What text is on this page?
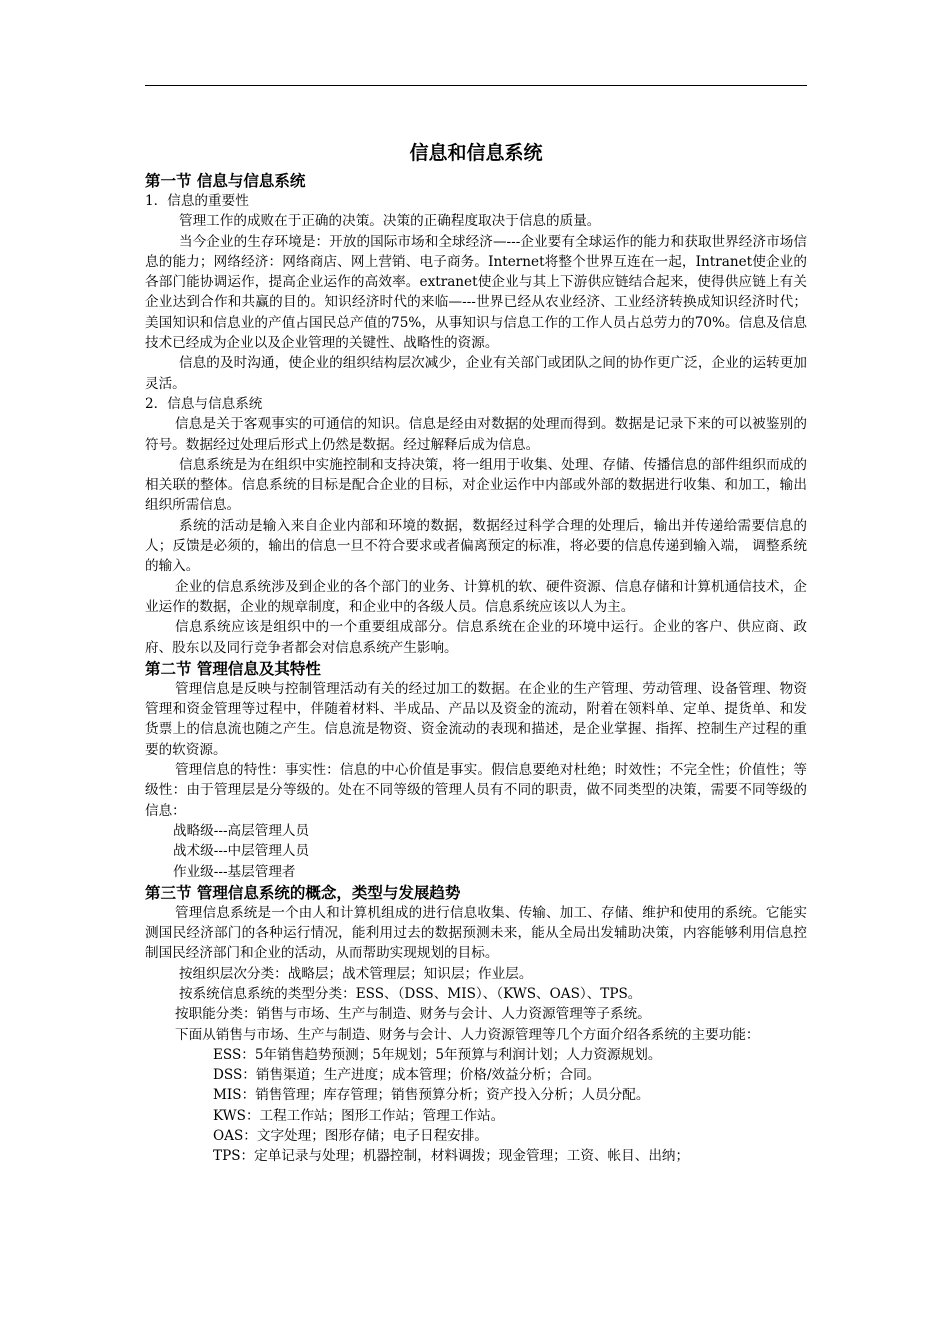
信息和信息系统
第一节 信息与信息系统

1．信息的重要性

管理工作的成败在于正确的决策。决策的正确程度取决于信息的质量。

当今企业的生存环境是：开放的国际市场和全球经济—---企业要有全球运作的能力和获取世界经济市场信息的能力；网络经济：网络商店、网上营销、电子商务。Internet将整个世界互连在一起，Intranet使企业的各部门能协调运作，提高企业运作的高效率。extranet使企业与其上下游供应链结合起来，使得供应链上有关企业达到合作和共赢的目的。知识经济时代的来临—---世界已经从农业经济、工业经济转换成知识经济时代；美国知识和信息业的产值占国民总产值的75%，从事知识与信息工作的工作人员占总劳力的70%。信息及信息技术已经成为企业以及企业管理的关键性、战略性的资源。

信息的及时沟通，使企业的组织结构层次减少，企业有关部门或团队之间的协作更广泛，企业的运转更加灵活。

2．信息与信息系统

信息是关于客观事实的可通信的知识。信息是经由对数据的处理而得到。数据是记录下来的可以被鉴别的符号。数据经过处理后形式上仍然是数据。经过解释后成为信息。

信息系统是为在组织中实施控制和支持决策，将一组用于收集、处理、存储、传播信息的部件组织而成的相关联的整体。信息系统的目标是配合企业的目标，对企业运作中内部或外部的数据进行收集、和加工，输出组织所需信息。

系统的活动是输入来自企业内部和环境的数据，数据经过科学合理的处理后，输出并传递给需要信息的人；反馈是必须的，输出的信息一旦不符合要求或者偏离预定的标准，将必要的信息传递到输入端， 调整系统的输入。

企业的信息系统涉及到企业的各个部门的业务、计算机的软、硬件资源、信息存储和计算机通信技术，企业运作的数据，企业的规章制度，和企业中的各级人员。信息系统应该以人为主。

信息系统应该是组织中的一个重要组成部分。信息系统在企业的环境中运行。企业的客户、供应商、政府、股东以及同行竞争者都会对信息系统产生影响。

第二节 管理信息及其特性

管理信息是反映与控制管理活动有关的经过加工的数据。在企业的生产管理、劳动管理、设备管理、物资管理和资金管理等过程中，伴随着材料、半成品、产品以及资金的流动，附着在领料单、定单、提货单、和发货票上的信息流也随之产生。信息流是物资、资金流动的表现和描述，是企业掌握、指挥、控制生产过程的重要的软资源。

管理信息的特性：事实性：信息的中心价值是事实。假信息要绝对杜绝；时效性；不完全性；价值性；等级性：由于管理层是分等级的。处在不同等级的管理人员有不同的职责，做不同类型的决策，需要不同等级的信息：

战略级---高层管理人员

战术级---中层管理人员

作业级---基层管理者

第三节 管理信息系统的概念，类型与发展趋势

管理信息系统是一个由人和计算机组成的进行信息收集、传输、加工、存储、维护和使用的系统。它能实测国民经济部门的各种运行情况，能利用过去的数据预测未来，能从全局出发辅助决策，内容能够利用信息控制国民经济部门和企业的活动，从而帮助实现规划的目标。

按组织层次分类：战略层；战术管理层；知识层；作业层。

按系统信息系统的类型分类：ESS、（DSS、MIS）、（KWS、OAS）、TPS。

按职能分类：销售与市场、生产与制造、财务与会计、人力资源管理等子系统。

下面从销售与市场、生产与制造、财务与会计、人力资源管理等几个方面介绍各系统的主要功能：

ESS：5年销售趋势预测；5年规划；5年预算与利润计划；人力资源规划。

DSS：销售渠道；生产进度；成本管理；价格/效益分析；合同。

MIS：销售管理；库存管理；销售预算分析；资产投入分析；人员分配。

KWS：工程工作站；图形工作站；管理工作站。

OAS：文字处理；图形存储；电子日程安排。

TPS：定单记录与处理；机器控制，材料调拨；现金管理；工资、帐目、出纳；
